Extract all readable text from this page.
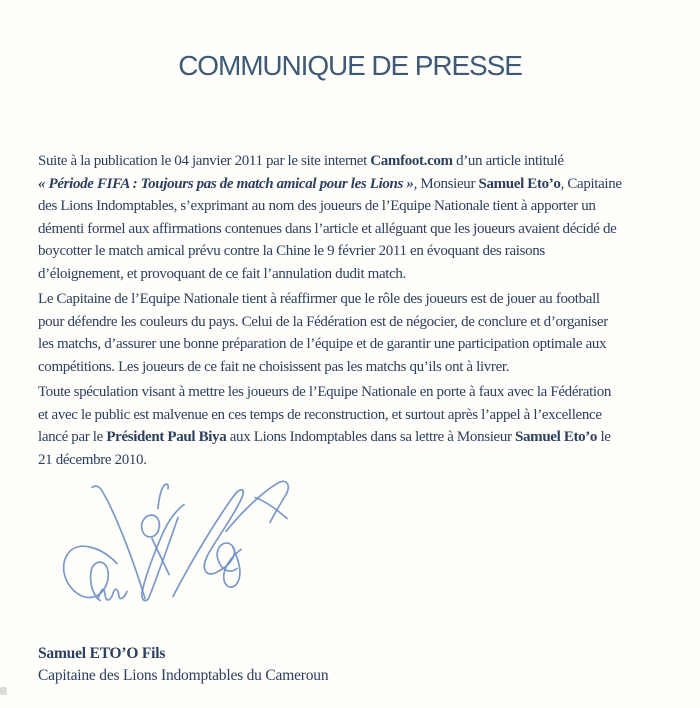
COMMUNIQUE DE PRESSE
Suite à la publication le 04 janvier 2011 par le site internet Camfoot.com d’un article intitulé
« Période FIFA : Toujours pas de match amical pour les Lions », Monsieur Samuel Eto’o, Capitaine
des Lions Indomptables, s’exprimant au nom des joueurs de l’Equipe Nationale tient à apporter un
démenti formel aux affirmations contenues dans l’article et alléguant que les joueurs avaient décidé de
boycotter le match amical prévu contre la Chine le 9 février 2011 en évoquant des raisons
d’éloignement, et provoquant de ce fait l’annulation dudit match.
Le Capitaine de l’Equipe Nationale tient à réaffirmer que le rôle des joueurs est de jouer au football
pour défendre les couleurs du pays. Celui de la Fédération est de négocier, de conclure et d’organiser
les matchs, d’assurer une bonne préparation de l’équipe et de garantir une participation optimale aux
compétitions. Les joueurs de ce fait ne choisissent pas les matchs qu’ils ont à livrer.
Toute spéculation visant à mettre les joueurs de l’Equipe Nationale en porte à faux avec la Fédération
et avec le public est malvenue en ces temps de reconstruction, et surtout après l’appel à l’excellence
lancé par le Président Paul Biya aux Lions Indomptables dans sa lettre à Monsieur Samuel Eto’o le
21 décembre 2010.
Samuel ETO’O Fils
Capitaine des Lions Indomptables du Cameroun
